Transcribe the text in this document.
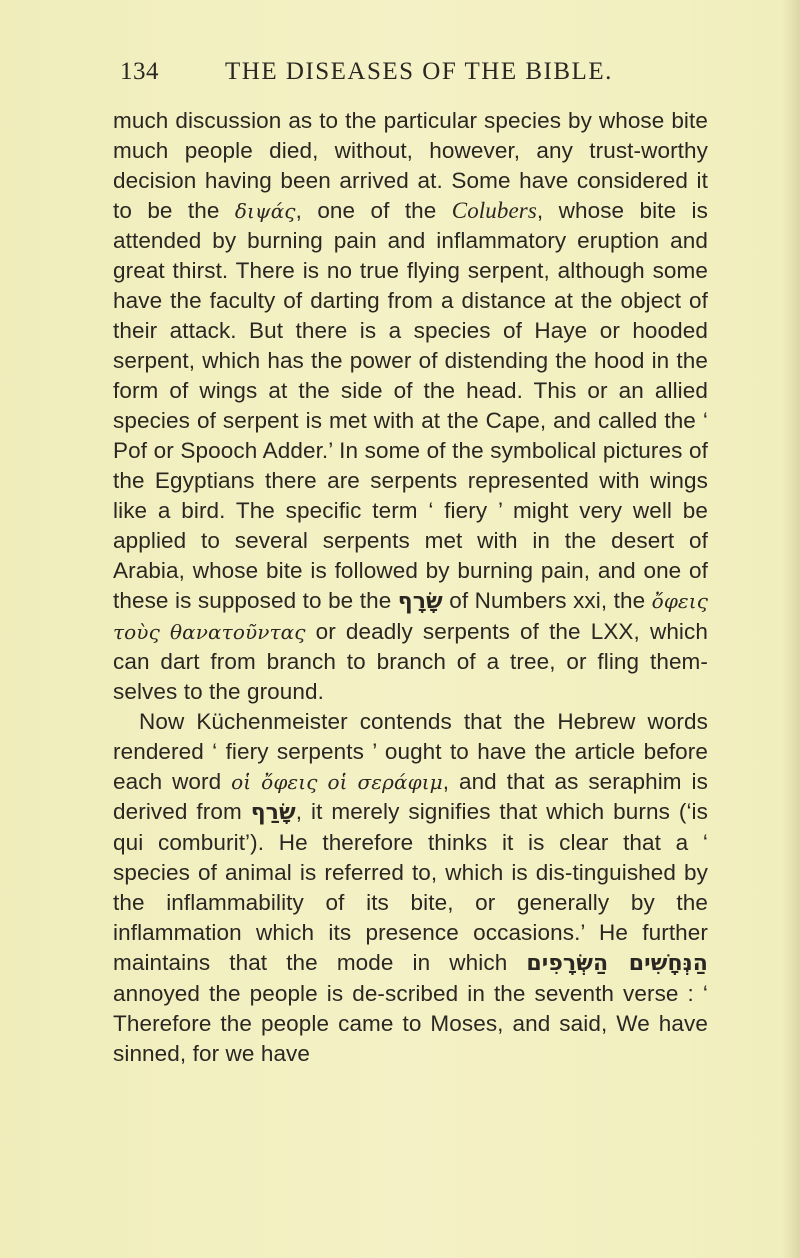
134	THE DISEASES OF THE BIBLE.

much discussion as to the particular species by whose bite much people died, without, however, any trust-worthy decision having been arrived at. Some have considered it to be the διψάς, one of the Colubers, whose bite is attended by burning pain and inflammatory eruption and great thirst. There is no true flying serpent, although some have the faculty of darting from a distance at the object of their attack. But there is a species of Haye or hooded serpent, which has the power of distending the hood in the form of wings at the side of the head. This or an allied species of serpent is met with at the Cape, and called the ‘ Pof or Spooch Adder.’ In some of the symbolical pictures of the Egyptians there are serpents represented with wings like a bird. The specific term ‘ fiery ’ might very well be applied to several serpents met with in the desert of Arabia, whose bite is followed by burning pain, and one of these is supposed to be the שָׂרָף of Numbers xxi, the ὄφεις τοὺς θανατοῦντας or deadly serpents of the LXX, which can dart from branch to branch of a tree, or fling them-selves to the ground.

Now Küchenmeister contends that the Hebrew words rendered ‘ fiery serpents ’ ought to have the article before each word οἱ ὄφεις οἱ σεράφιμ, and that as seraphim is derived from שָׂרַף, it merely signifies that which burns (‘is qui comburit’). He therefore thinks it is clear that a ‘ species of animal is referred to, which is dis-tinguished by the inflammability of its bite, or generally by the inflammation which its presence occasions.’ He further maintains that the mode in which הַנְּחָשִׁים הַשְּׂרָפִים annoyed the people is de-scribed in the seventh verse : ‘ Therefore the people came to Moses, and said, We have sinned, for we have
